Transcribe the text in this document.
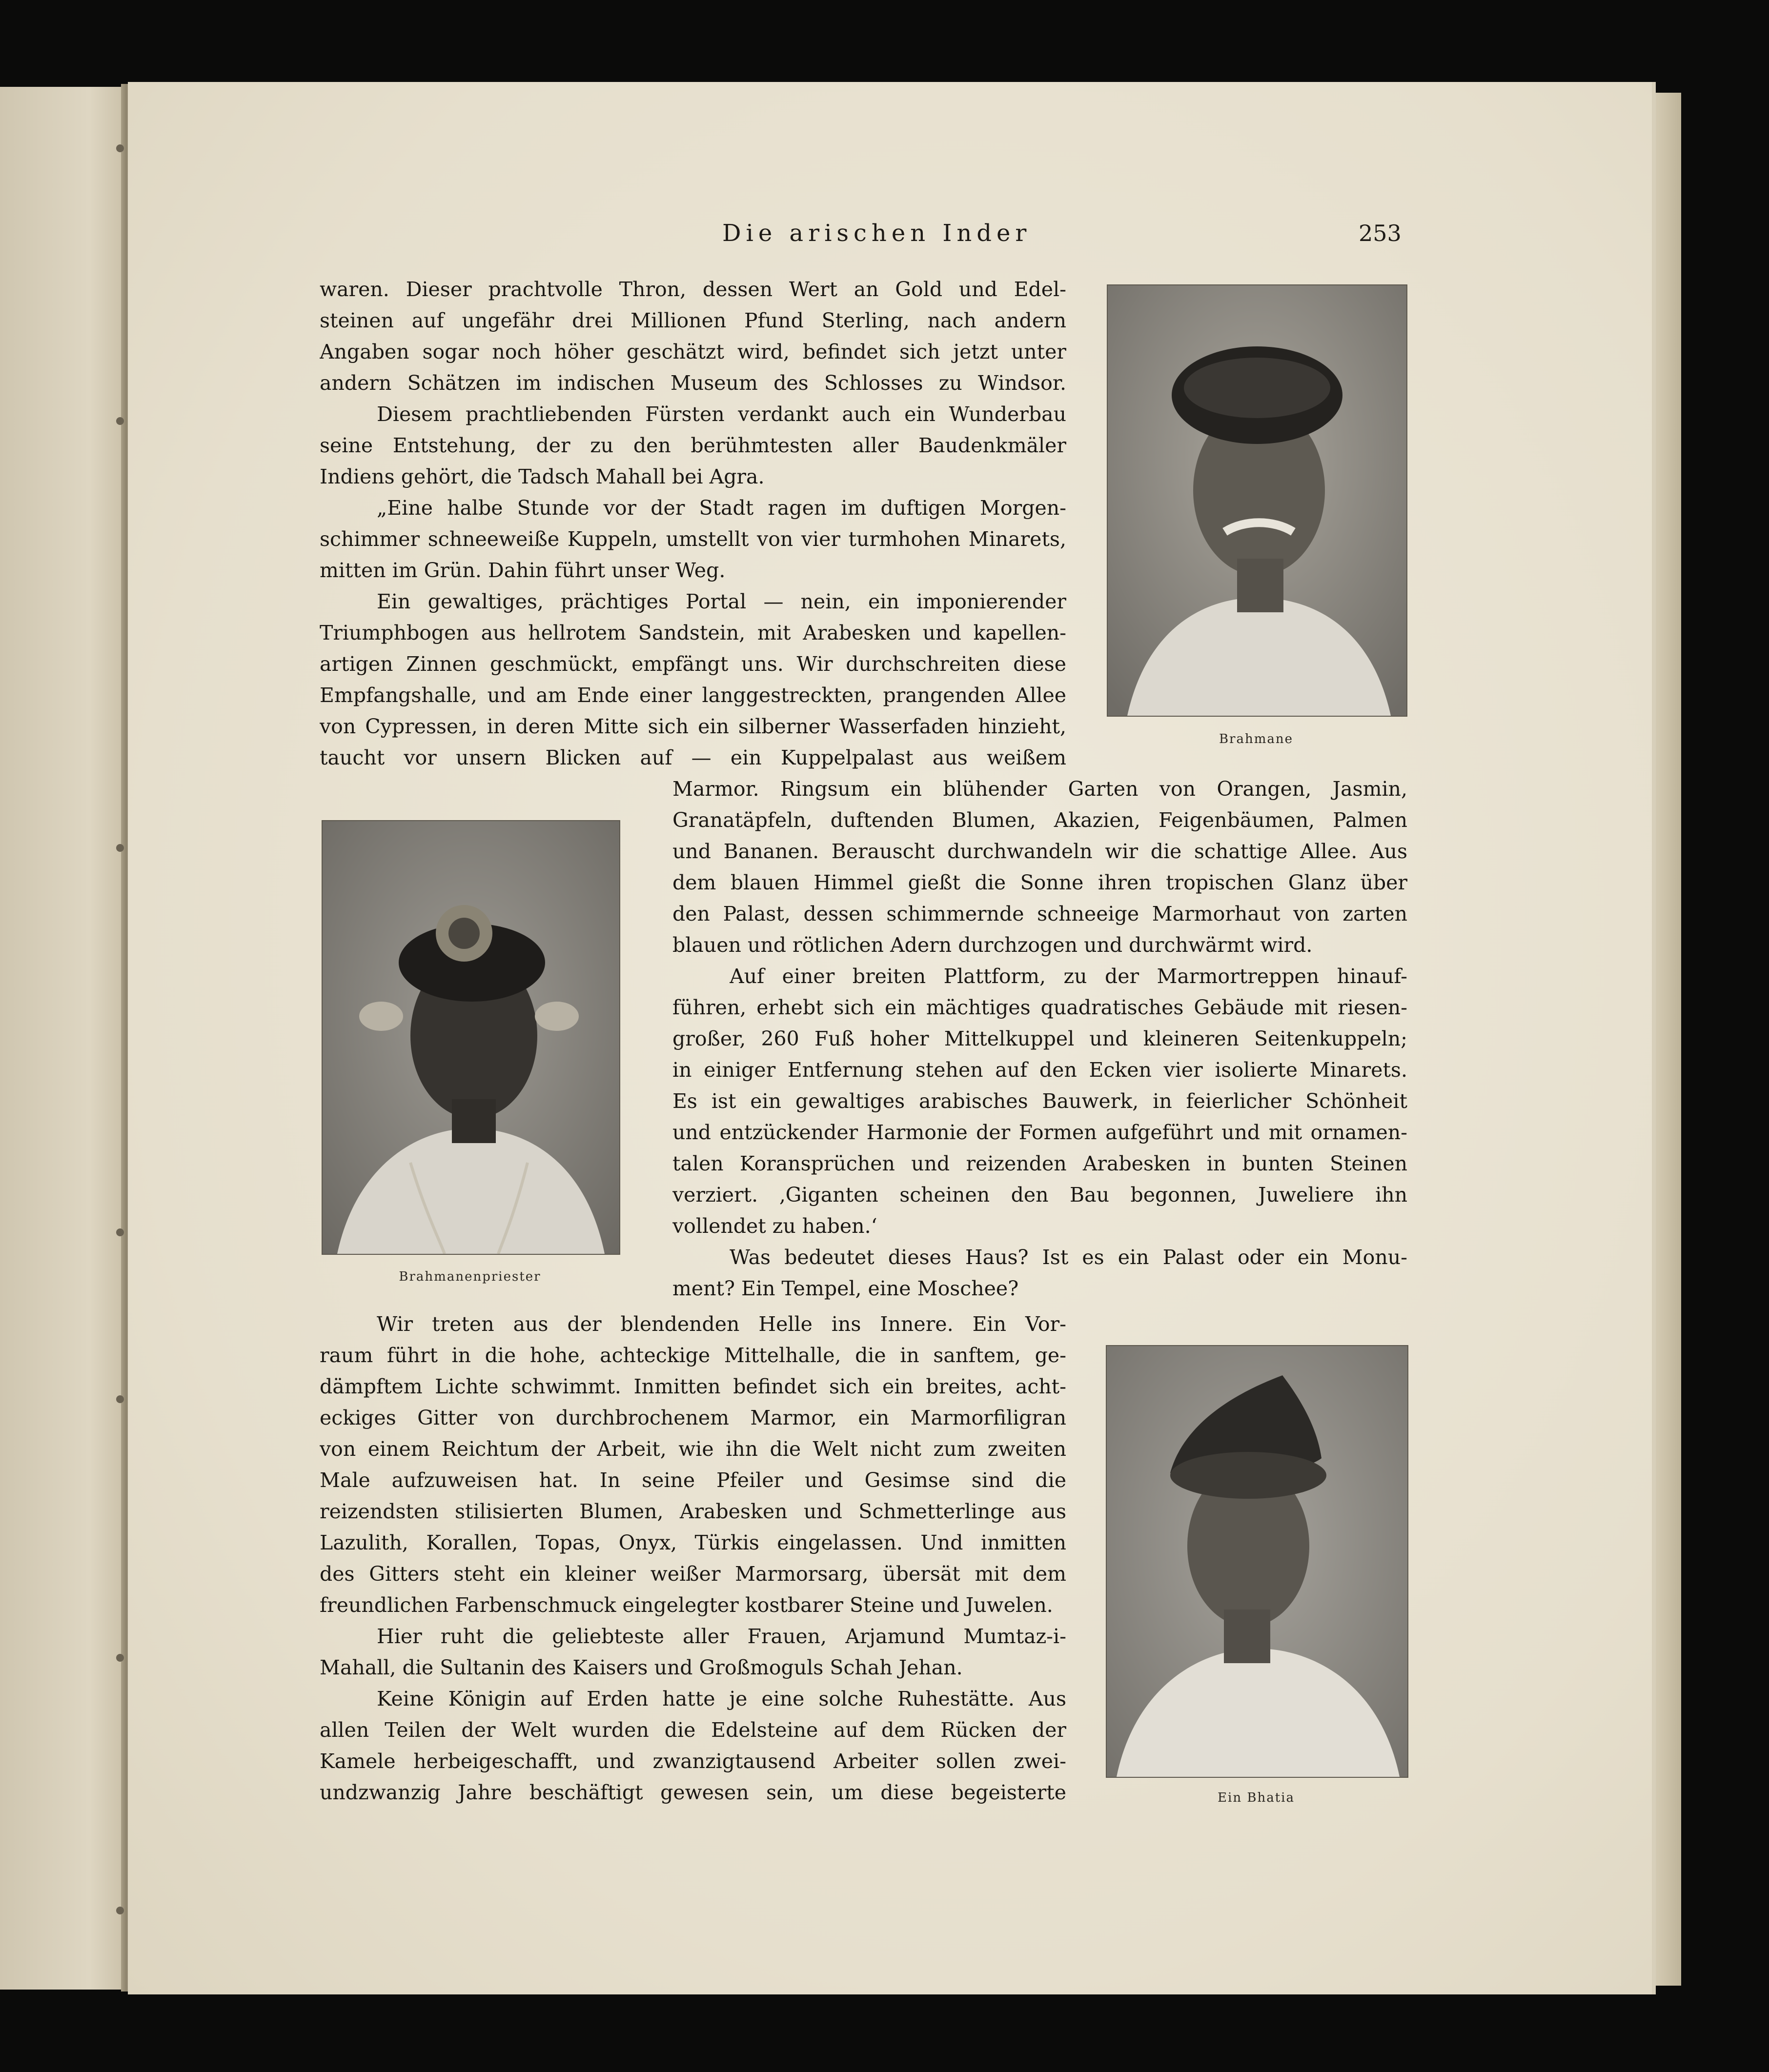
Die arischen Inder	253
Brahmane
Brahmanenpriester
Ein Bhatia
waren. Dieser prachtvolle Thron, dessen Wert an Gold und Edel-
steinen auf ungefähr drei Millionen Pfund Sterling, nach andern
Angaben sogar noch höher geschätzt wird, befindet sich jetzt unter
andern Schätzen im indischen Museum des Schlosses zu Windsor.
Diesem prachtliebenden Fürsten verdankt auch ein Wunderbau
seine Entstehung, der zu den berühmtesten aller Baudenkmäler
Indiens gehört, die Tadsch Mahall bei Agra.
„Eine halbe Stunde vor der Stadt ragen im duftigen Morgen-
schimmer schneeweiße Kuppeln, umstellt von vier turmhohen Minarets,
mitten im Grün. Dahin führt unser Weg.
Ein gewaltiges, prächtiges Portal — nein, ein imponierender
Triumphbogen aus hellrotem Sandstein, mit Arabesken und kapellen-
artigen Zinnen geschmückt, empfängt uns. Wir durchschreiten diese
Empfangshalle, und am Ende einer langgestreckten, prangenden Allee
von Cypressen, in deren Mitte sich ein silberner Wasserfaden hinzieht,
taucht vor unsern Blicken auf — ein Kuppelpalast aus weißem
Marmor. Ringsum ein blühender Garten von Orangen, Jasmin,
Granatäpfeln, duftenden Blumen, Akazien, Feigenbäumen, Palmen
und Bananen. Berauscht durchwandeln wir die schattige Allee. Aus
dem blauen Himmel gießt die Sonne ihren tropischen Glanz über
den Palast, dessen schimmernde schneeige Marmorhaut von zarten
blauen und rötlichen Adern durchzogen und durchwärmt wird.
Auf einer breiten Plattform, zu der Marmortreppen hinauf-
führen, erhebt sich ein mächtiges quadratisches Gebäude mit riesen-
großer, 260 Fuß hoher Mittelkuppel und kleineren Seitenkuppeln;
in einiger Entfernung stehen auf den Ecken vier isolierte Minarets.
Es ist ein gewaltiges arabisches Bauwerk, in feierlicher Schönheit
und entzückender Harmonie der Formen aufgeführt und mit ornamen-
talen Koransprüchen und reizenden Arabesken in bunten Steinen
verziert. ‚Giganten scheinen den Bau begonnen, Juweliere ihn
vollendet zu haben.‘
Was bedeutet dieses Haus? Ist es ein Palast oder ein Monu-
ment? Ein Tempel, eine Moschee?
Wir treten aus der blendenden Helle ins Innere. Ein Vor-
raum führt in die hohe, achteckige Mittelhalle, die in sanftem, ge-
dämpftem Lichte schwimmt. Inmitten befindet sich ein breites, acht-
eckiges Gitter von durchbrochenem Marmor, ein Marmorfiligran
von einem Reichtum der Arbeit, wie ihn die Welt nicht zum zweiten
Male aufzuweisen hat. In seine Pfeiler und Gesimse sind die
reizendsten stilisierten Blumen, Arabesken und Schmetterlinge aus
Lazulith, Korallen, Topas, Onyx, Türkis eingelassen. Und inmitten
des Gitters steht ein kleiner weißer Marmorsarg, übersät mit dem
freundlichen Farbenschmuck eingelegter kostbarer Steine und Juwelen.
Hier ruht die geliebteste aller Frauen, Arjamund Mumtaz-i-
Mahall, die Sultanin des Kaisers und Großmoguls Schah Jehan.
Keine Königin auf Erden hatte je eine solche Ruhestätte. Aus
allen Teilen der Welt wurden die Edelsteine auf dem Rücken der
Kamele herbeigeschafft, und zwanzigtausend Arbeiter sollen zwei-
undzwanzig Jahre beschäftigt gewesen sein, um diese begeisterte
